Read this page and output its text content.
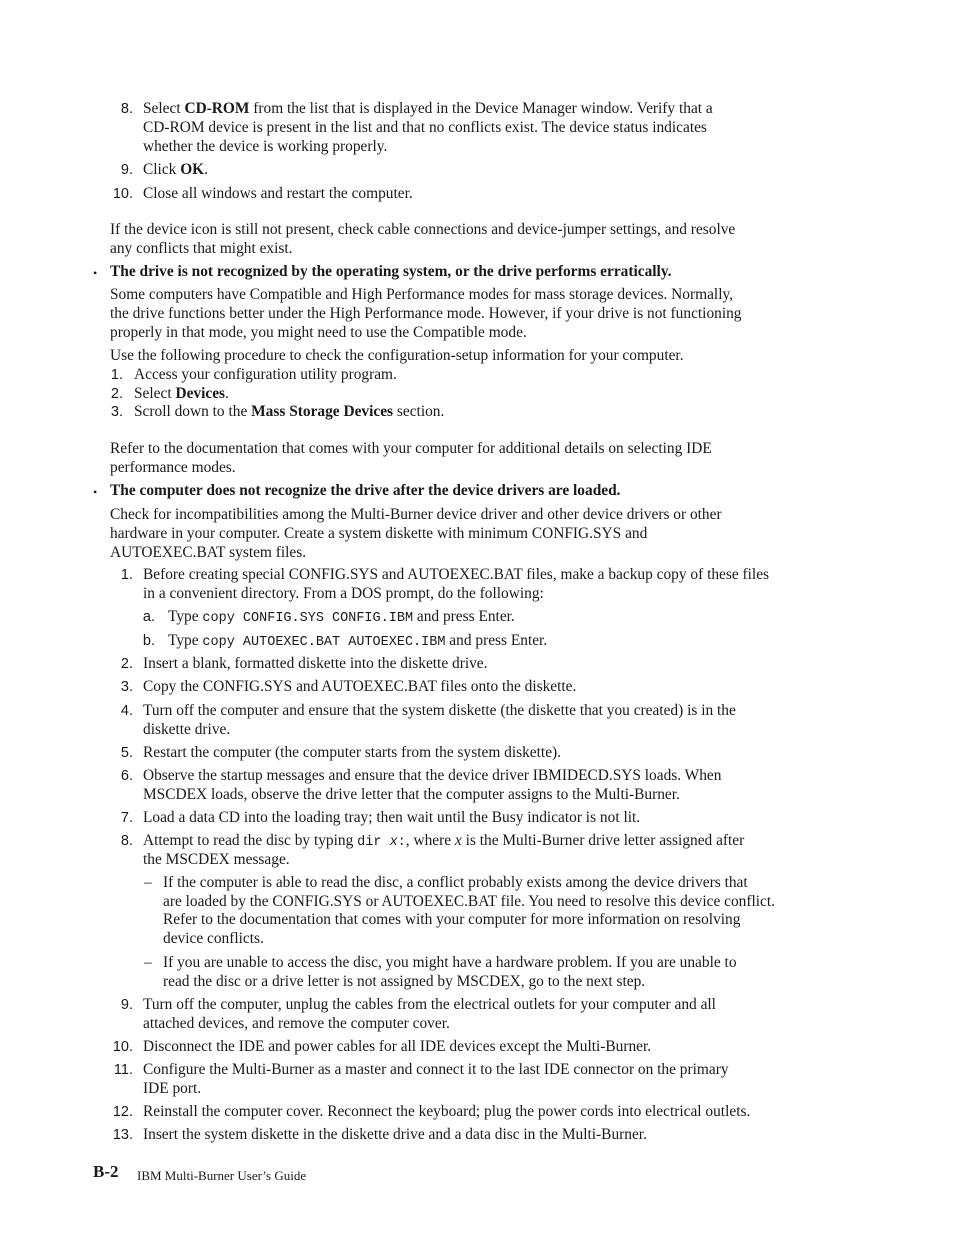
8. Select CD-ROM from the list that is displayed in the Device Manager window. Verify that a
CD-ROM device is present in the list and that no conflicts exist. The device status indicates
whether the device is working properly.
9. Click OK.
10. Close all windows and restart the computer.
If the device icon is still not present, check cable connections and device-jumper settings, and resolve
any conflicts that might exist.
• The drive is not recognized by the operating system, or the drive performs erratically.
Some computers have Compatible and High Performance modes for mass storage devices. Normally,
the drive functions better under the High Performance mode. However, if your drive is not functioning
properly in that mode, you might need to use the Compatible mode.
Use the following procedure to check the configuration-setup information for your computer.
1. Access your configuration utility program.
2. Select Devices.
3. Scroll down to the Mass Storage Devices section.
Refer to the documentation that comes with your computer for additional details on selecting IDE
performance modes.
• The computer does not recognize the drive after the device drivers are loaded.
Check for incompatibilities among the Multi-Burner device driver and other device drivers or other
hardware in your computer. Create a system diskette with minimum CONFIG.SYS and
AUTOEXEC.BAT system files.
1. Before creating special CONFIG.SYS and AUTOEXEC.BAT files, make a backup copy of these files
in a convenient directory. From a DOS prompt, do the following:
2. Insert a blank, formatted diskette into the diskette drive.
3. Copy the CONFIG.SYS and AUTOEXEC.BAT files onto the diskette.
4. Turn off the computer and ensure that the system diskette (the diskette that you created) is in the
diskette drive.
5. Restart the computer (the computer starts from the system diskette).
6. Observe the startup messages and ensure that the device driver IBMIDECD.SYS loads. When
MSCDEX loads, observe the drive letter that the computer assigns to the Multi-Burner.
7. Load a data CD into the loading tray; then wait until the Busy indicator is not lit.
8. Attempt to read the disc by typing dir x:, where x is the Multi-Burner drive letter assigned after
the MSCDEX message.
9. Turn off the computer, unplug the cables from the electrical outlets for your computer and all
attached devices, and remove the computer cover.
10. Disconnect the IDE and power cables for all IDE devices except the Multi-Burner.
11. Configure the Multi-Burner as a master and connect it to the last IDE connector on the primary
IDE port.
12. Reinstall the computer cover. Reconnect the keyboard; plug the power cords into electrical outlets.
13. Insert the system diskette in the diskette drive and a data disc in the Multi-Burner.
a. Type copy CONFIG.SYS CONFIG.IBM and press Enter.
b. Type copy AUTOEXEC.BAT AUTOEXEC.IBM and press Enter.
– If the computer is able to read the disc, a conflict probably exists among the device drivers that
are loaded by the CONFIG.SYS or AUTOEXEC.BAT file. You need to resolve this device conflict.
Refer to the documentation that comes with your computer for more information on resolving
device conflicts.
– If you are unable to access the disc, you might have a hardware problem. If you are unable to
read the disc or a drive letter is not assigned by MSCDEX, go to the next step.
B-2 IBM Multi-Burner User’s Guide
